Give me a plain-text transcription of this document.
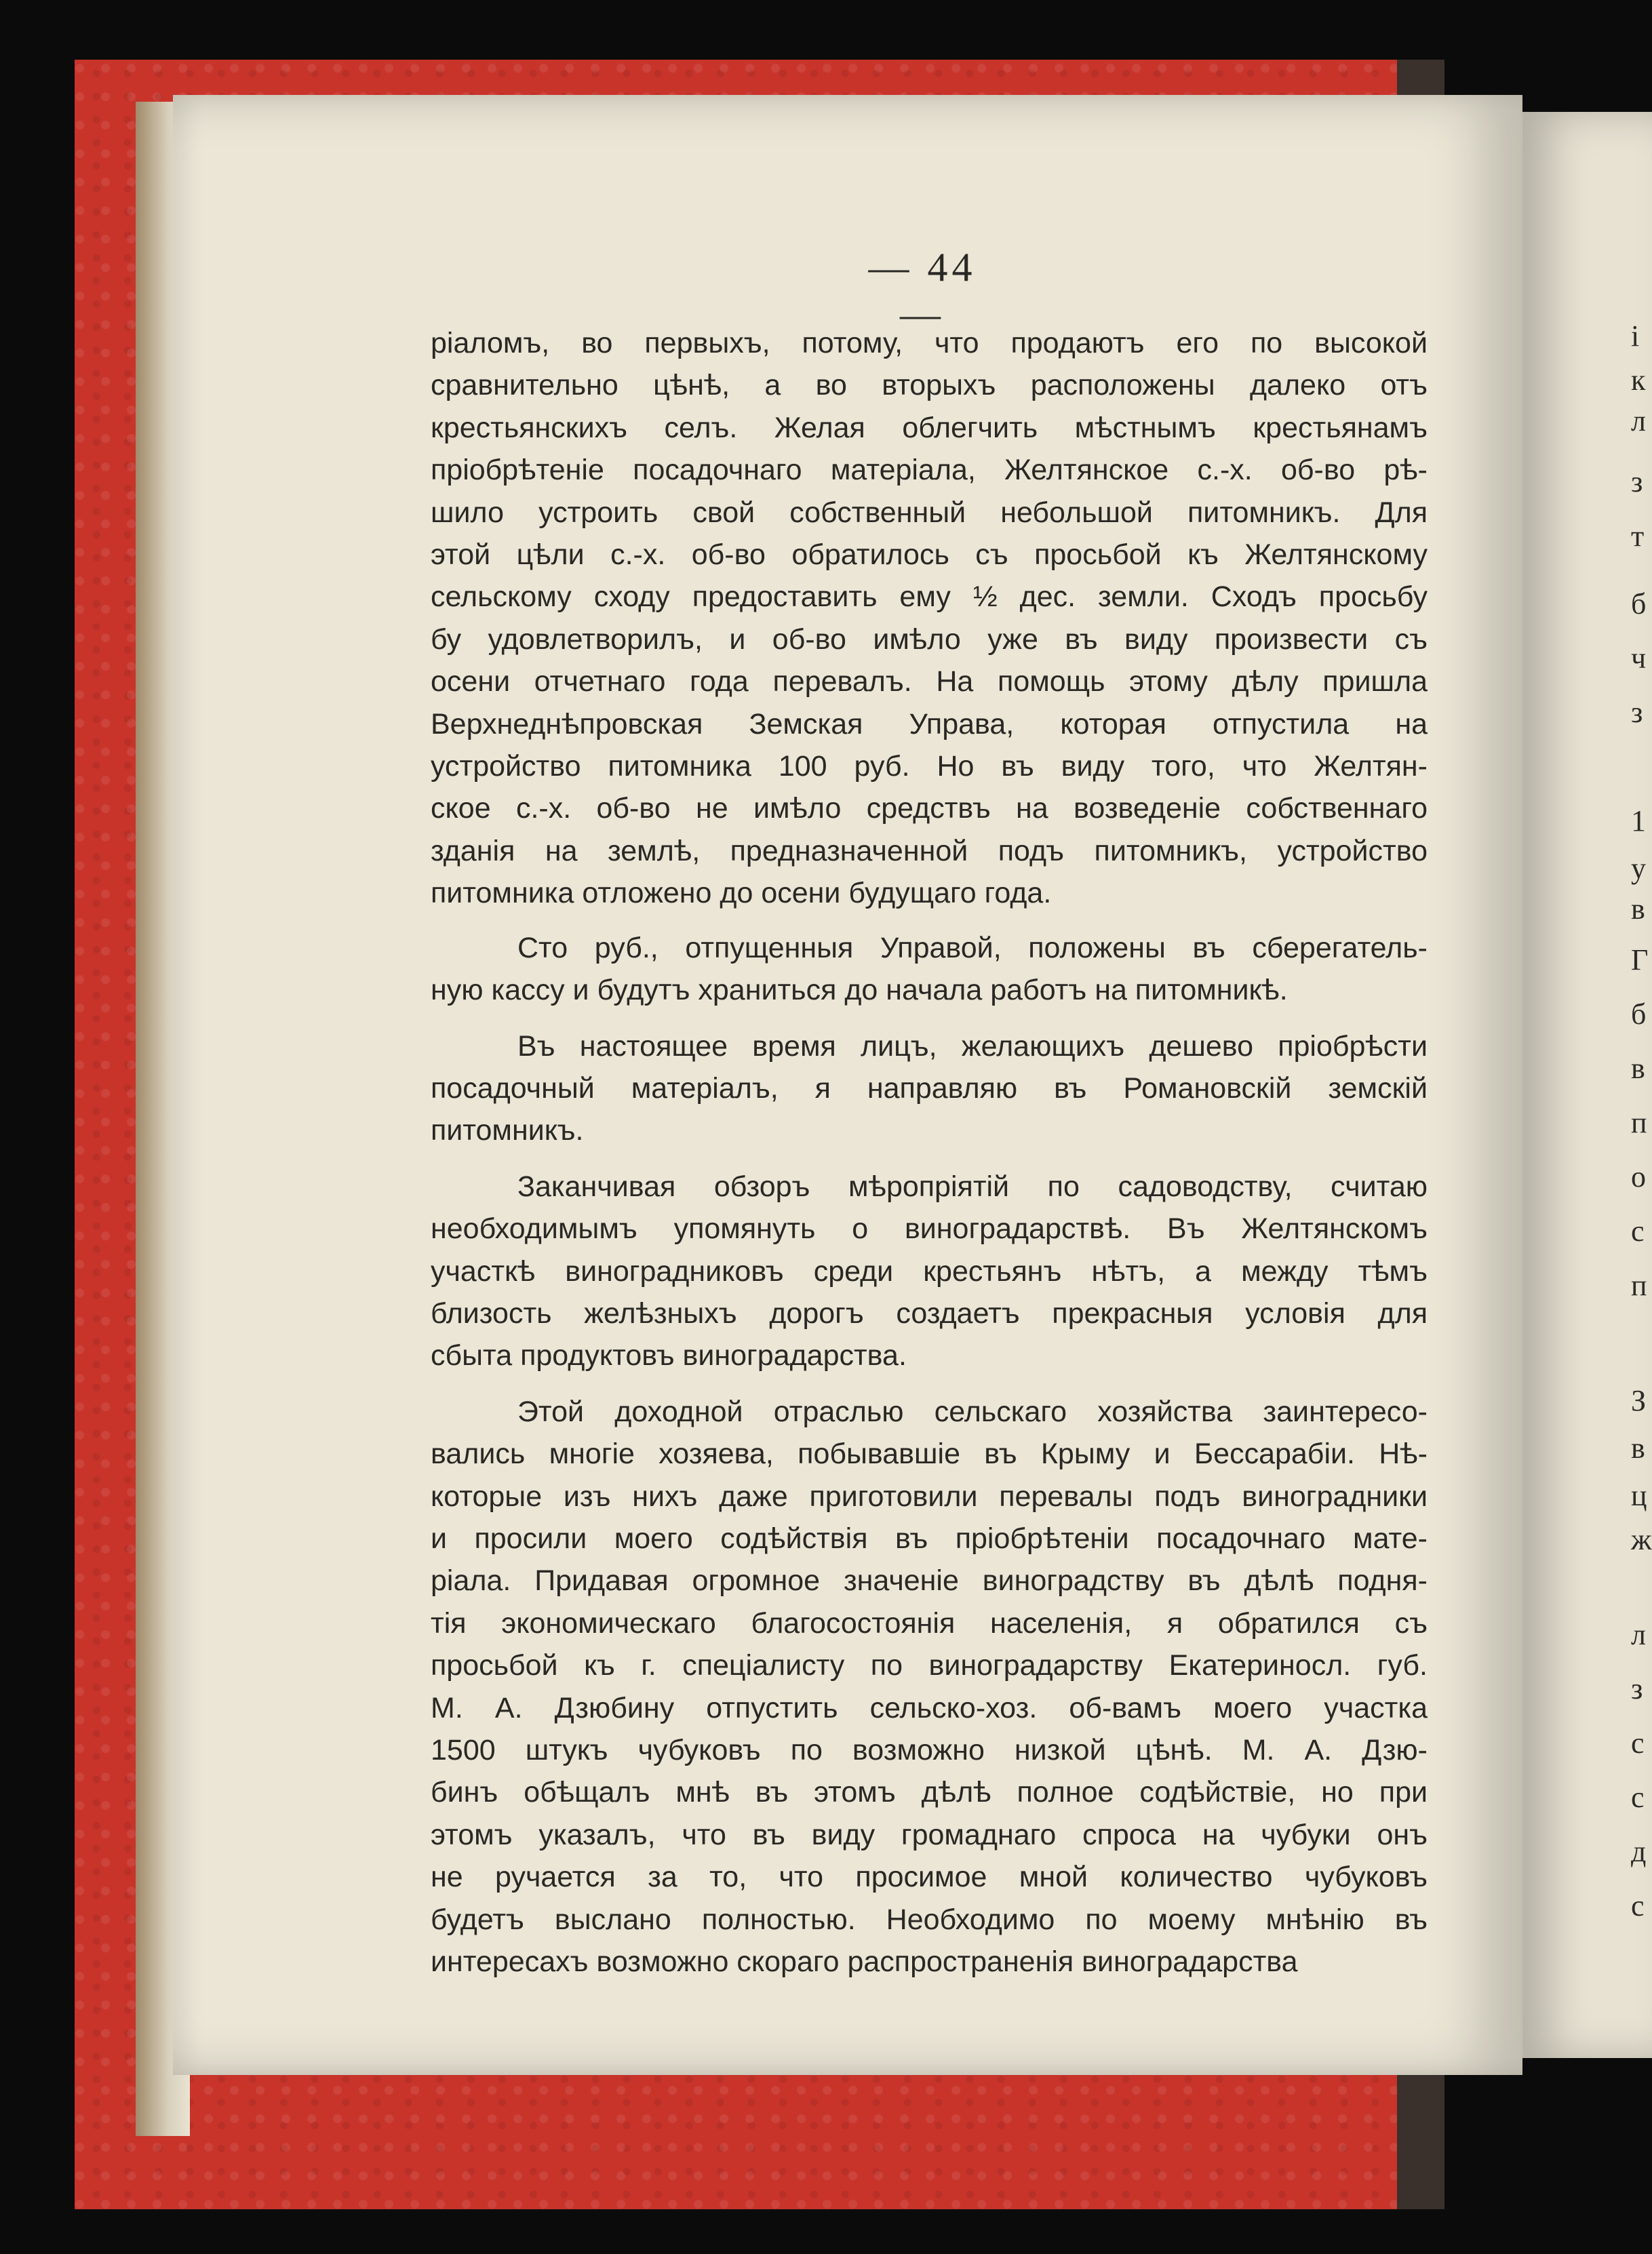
і
к
л
з
т
б
ч
з
1
у
в
Г
б
в
п
о
с
п
З
в
ц
ж
л
з
с
с
д
с
— 44 —
ріаломъ, во первыхъ, потому, что продаютъ его по высокой
сравнительно цѣнѣ, а во вторыхъ расположены далеко отъ
крестьянскихъ селъ. Желая облегчить мѣстнымъ крестьянамъ
пріобрѣтеніе посадочнаго матеріала, Желтянское с.-х. об-во рѣ-
шило устроить свой собственный небольшой питомникъ. Для
этой цѣли с.-х. об-во обратилось съ просьбой къ Желтянскому
сельскому сходу предоставить ему ½ дес. земли. Сходъ просьбу
бу удовлетворилъ, и об-во имѣло уже въ виду произвести съ
осени отчетнаго года перевалъ. На помощь этому дѣлу пришла
Верхнеднѣпровская Земская Управа, которая отпустила на
устройство питомника 100 руб. Но въ виду того, что Желтян-
ское с.-х. об-во не имѣло средствъ на возведеніе собственнаго
зданія на землѣ, предназначенной подъ питомникъ, устройство
питомника отложено до осени будущаго года.
Сто руб., отпущенныя Управой, положены въ сберегатель-
ную кассу и будутъ храниться до начала работъ на питомникѣ.
Въ настоящее время лицъ, желающихъ дешево пріобрѣсти
посадочный матеріалъ, я направляю въ Романовскій земскій
питомникъ.
Заканчивая обзоръ мѣропріятій по садоводству, считаю
необходимымъ упомянуть о виноградарствѣ. Въ Желтянскомъ
участкѣ виноградниковъ среди крестьянъ нѣтъ, а между тѣмъ
близость желѣзныхъ дорогъ создаетъ прекрасныя условія для
сбыта продуктовъ виноградарства.
Этой доходной отраслью сельскаго хозяйства заинтересо-
вались многіе хозяева, побывавшіе въ Крыму и Бессарабіи. Нѣ-
которые изъ нихъ даже приготовили перевалы подъ виноградники
и просили моего содѣйствія въ пріобрѣтеніи посадочнаго мате-
ріала. Придавая огромное значеніе виноградству въ дѣлѣ подня-
тія экономическаго благосостоянія населенія, я обратился съ
просьбой къ г. спеціалисту по виноградарству Екатериносл. губ.
М. А. Дзюбину отпустить сельско-хоз. об-вамъ моего участка
1500 штукъ чубуковъ по возможно низкой цѣнѣ. М. А. Дзю-
бинъ обѣщалъ мнѣ въ этомъ дѣлѣ полное содѣйствіе, но при
этомъ указалъ, что въ виду громаднаго спроса на чубуки онъ
не ручается за то, что просимое мной количество чубуковъ
будетъ выслано полностью. Необходимо по моему мнѣнію въ
интересахъ возможно скораго распространенія виноградарства
